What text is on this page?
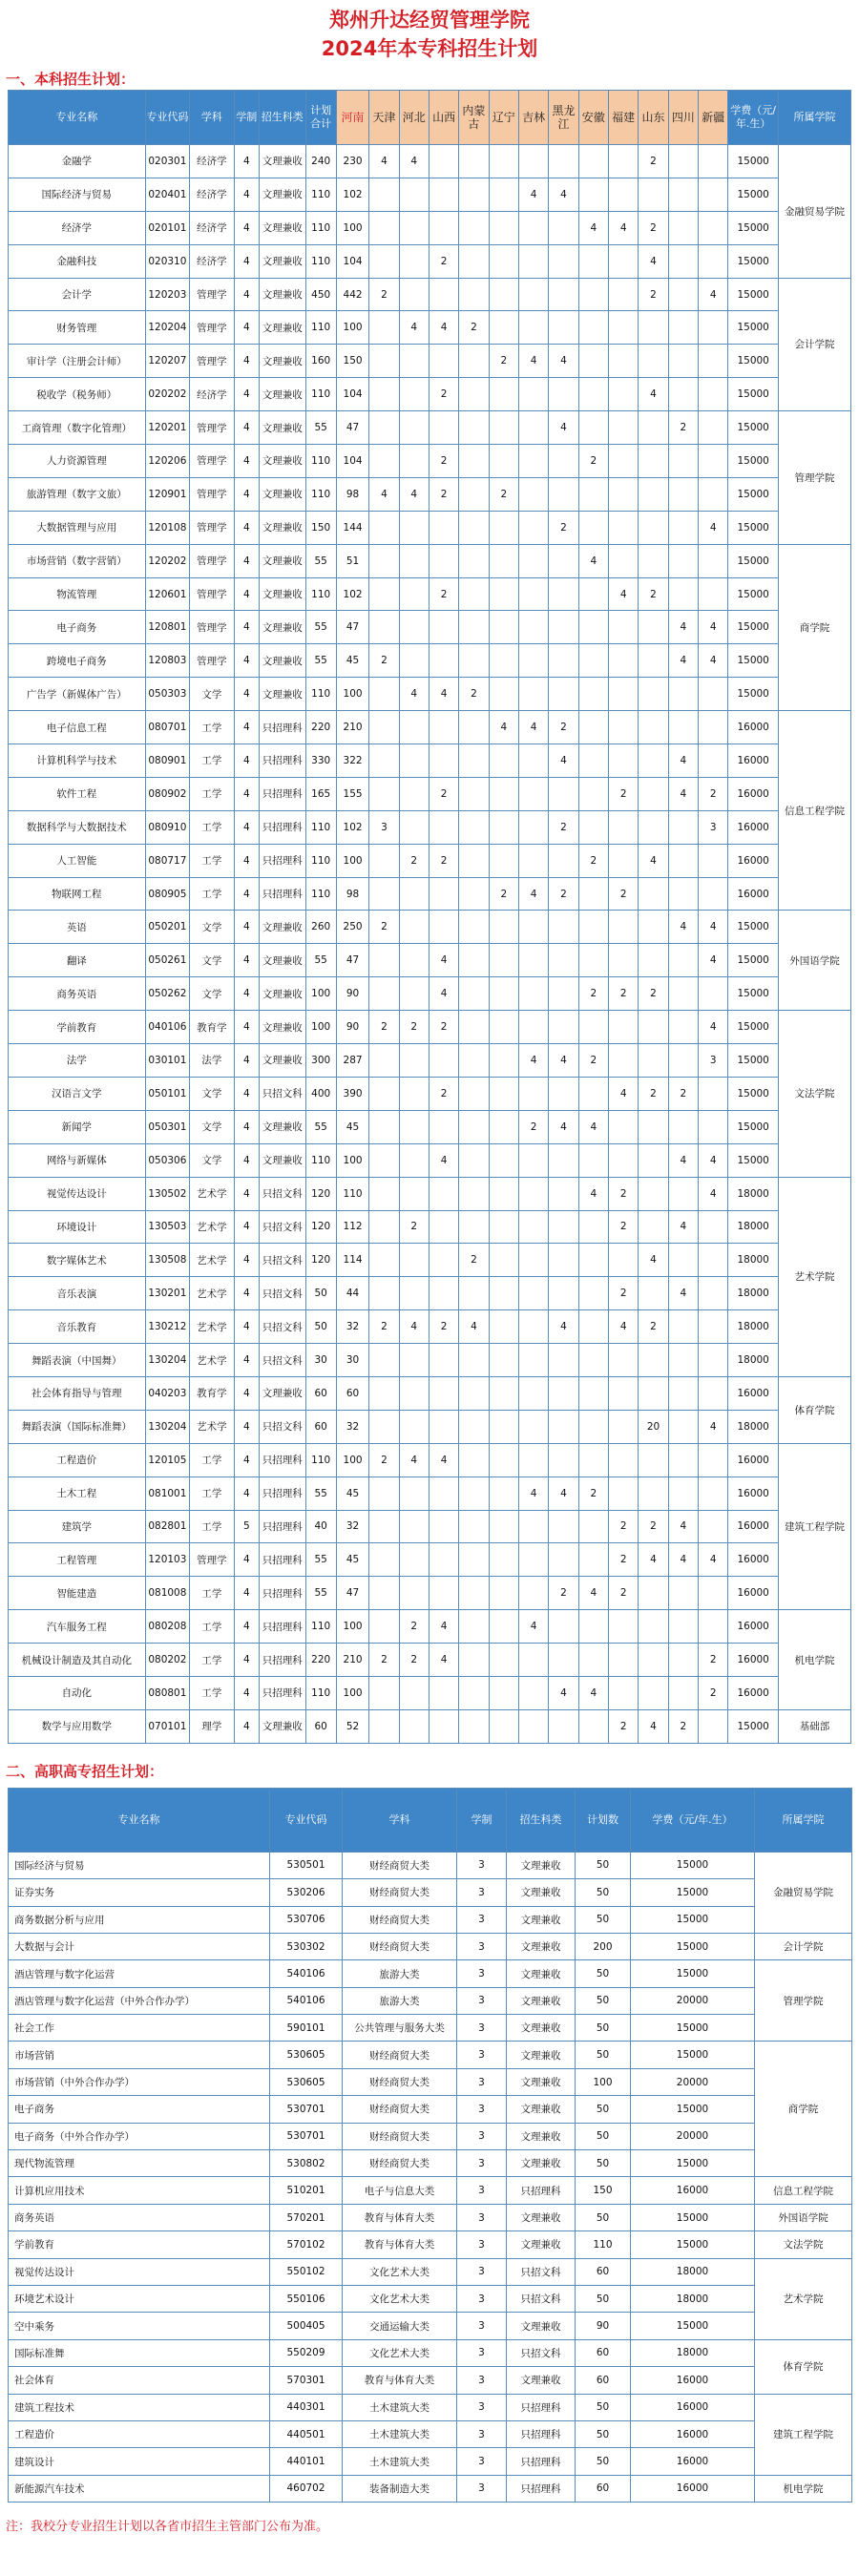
郑州升达经贸管理学院
2024年本专科招生计划
一、本科招生计划：
专业名称	专业代码	学科	学制	招生科类	计划合计	河南	天津	河北	山西	内蒙古	辽宁	吉林	黑龙江	安徽	福建	山东	四川	新疆	学费（元/年.生）	所属学院
金融学	020301	经济学	4	文理兼收	240	230	4	4								2			15000	金融贸易学院
国际经济与贸易	020401	经济学	4	文理兼收	110	102						4	4						15000	
经济学	020101	经济学	4	文理兼收	110	100								4	4	2			15000	
金融科技	020310	经济学	4	文理兼收	110	104			2							4			15000	
会计学	120203	管理学	4	文理兼收	450	442	2									2		4	15000	会计学院
财务管理	120204	管理学	4	文理兼收	110	100		4	4	2									15000	
审计学（注册会计师）	120207	管理学	4	文理兼收	160	150					2	4	4						15000	
税收学（税务师）	020202	经济学	4	文理兼收	110	104			2							4			15000	
工商管理（数字化管理）	120201	管理学	4	文理兼收	55	47							4				2		15000	管理学院
人力资源管理	120206	管理学	4	文理兼收	110	104			2					2					15000	
旅游管理（数字文旅）	120901	管理学	4	文理兼收	110	98	4	4	2		2								15000	
大数据管理与应用	120108	管理学	4	文理兼收	150	144							2					4	15000	
市场营销（数字营销）	120202	管理学	4	文理兼收	55	51								4					15000	商学院
物流管理	120601	管理学	4	文理兼收	110	102			2						4	2			15000	
电子商务	120801	管理学	4	文理兼收	55	47											4	4	15000	
跨境电子商务	120803	管理学	4	文理兼收	55	45	2										4	4	15000	
广告学（新媒体广告）	050303	文学	4	文理兼收	110	100		4	4	2									15000	
电子信息工程	080701	工学	4	只招理科	220	210					4	4	2						16000	信息工程学院
计算机科学与技术	080901	工学	4	只招理科	330	322							4				4		16000	
软件工程	080902	工学	4	只招理科	165	155			2						2		4	2	16000	
数据科学与大数据技术	080910	工学	4	只招理科	110	102	3						2					3	16000	
人工智能	080717	工学	4	只招理科	110	100		2	2					2		4			16000	
物联网工程	080905	工学	4	只招理科	110	98					2	4	2		2				16000	
英语	050201	文学	4	文理兼收	260	250	2										4	4	15000	外国语学院
翻译	050261	文学	4	文理兼收	55	47			4									4	15000	
商务英语	050262	文学	4	文理兼收	100	90			4					2	2	2			15000	
学前教育	040106	教育学	4	文理兼收	100	90	2	2	2									4	15000	文法学院
法学	030101	法学	4	文理兼收	300	287						4	4	2				3	15000	
汉语言文学	050101	文学	4	只招文科	400	390			2						4	2	2		15000	
新闻学	050301	文学	4	文理兼收	55	45						2	4	4					15000	
网络与新媒体	050306	文学	4	文理兼收	110	100			4								4	4	15000	
视觉传达设计	130502	艺术学	4	只招文科	120	110								4	2			4	18000	艺术学院
环境设计	130503	艺术学	4	只招文科	120	112		2							2		4		18000	
数字媒体艺术	130508	艺术学	4	只招文科	120	114				2						4			18000	
音乐表演	130201	艺术学	4	只招文科	50	44									2		4		18000	
音乐教育	130212	艺术学	4	只招文科	50	32	2	4	2	4			4		4	2			18000	
舞蹈表演（中国舞）	130204	艺术学	4	只招文科	30	30													18000	
社会体育指导与管理	040203	教育学	4	文理兼收	60	60													16000	体育学院
舞蹈表演（国际标准舞）	130204	艺术学	4	只招文科	60	32										20		4	18000	
工程造价	120105	工学	4	只招理科	110	100	2	4	4										16000	建筑工程学院
土木工程	081001	工学	4	只招理科	55	45						4	4	2					16000	
建筑学	082801	工学	5	只招理科	40	32									2	2	4		16000	
工程管理	120103	管理学	4	只招理科	55	45									2	4	4	4	16000	
智能建造	081008	工学	4	只招理科	55	47							2	4	2				16000	
汽车服务工程	080208	工学	4	只招理科	110	100		2	4			4							16000	机电学院
机械设计制造及其自动化	080202	工学	4	只招理科	220	210	2	2	4									2	16000	
自动化	080801	工学	4	只招理科	110	100							4	4				2	16000	
数学与应用数学	070101	理学	4	文理兼收	60	52									2	4	2		15000	基础部
二、高职高专招生计划：
专业名称	专业代码	学科	学制	招生科类	计划数	学费（元/年.生）	所属学院
国际经济与贸易	530501	财经商贸大类	3	文理兼收	50	15000	金融贸易学院
证券实务	530206	财经商贸大类	3	文理兼收	50	15000	
商务数据分析与应用	530706	财经商贸大类	3	文理兼收	50	15000	
大数据与会计	530302	财经商贸大类	3	文理兼收	200	15000	会计学院
酒店管理与数字化运营	540106	旅游大类	3	文理兼收	50	15000	管理学院
酒店管理与数字化运营（中外合作办学）	540106	旅游大类	3	文理兼收	50	20000	
社会工作	590101	公共管理与服务大类	3	文理兼收	50	15000	
市场营销	530605	财经商贸大类	3	文理兼收	50	15000	商学院
市场营销（中外合作办学）	530605	财经商贸大类	3	文理兼收	100	20000	
电子商务	530701	财经商贸大类	3	文理兼收	50	15000	
电子商务（中外合作办学）	530701	财经商贸大类	3	文理兼收	50	20000	
现代物流管理	530802	财经商贸大类	3	文理兼收	50	15000	
计算机应用技术	510201	电子与信息大类	3	只招理科	150	16000	信息工程学院
商务英语	570201	教育与体育大类	3	文理兼收	50	15000	外国语学院
学前教育	570102	教育与体育大类	3	文理兼收	110	15000	文法学院
视觉传达设计	550102	文化艺术大类	3	只招文科	60	18000	艺术学院
环境艺术设计	550106	文化艺术大类	3	只招文科	50	18000	
空中乘务	500405	交通运输大类	3	文理兼收	90	15000	
国际标准舞	550209	文化艺术大类	3	只招文科	60	18000	体育学院
社会体育	570301	教育与体育大类	3	文理兼收	60	16000	
建筑工程技术	440301	土木建筑大类	3	只招理科	50	16000	建筑工程学院
工程造价	440501	土木建筑大类	3	只招理科	50	16000	
建筑设计	440101	土木建筑大类	3	只招理科	50	16000	
新能源汽车技术	460702	装备制造大类	3	只招理科	60	16000	机电学院
注：我校分专业招生计划以各省市招生主管部门公布为准。
